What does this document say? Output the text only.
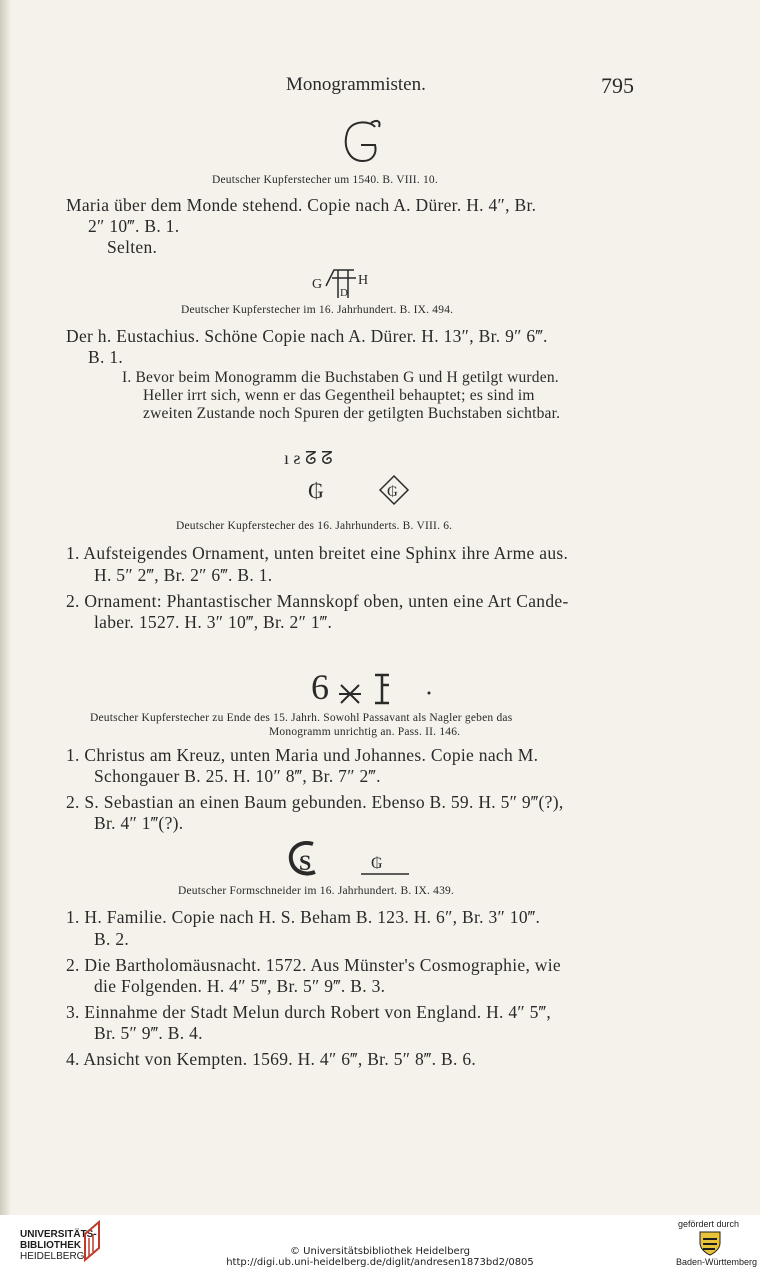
Monogrammisten.	795
Deutscher Kupferstecher um 1540. B. VIII. 10.
Maria über dem Monde stehend. Copie nach A. Dürer. H. 4″, Br.
2″ 10‴. B. 1.
Selten.
G
D
H
Deutscher Kupferstecher im 16. Jahrhundert. B. IX. 494.
Der h. Eustachius. Schöne Copie nach A. Dürer. H. 13″, Br. 9″ 6‴.
B. 1.
I. Bevor beim Monogramm die Buchstaben G und H getilgt wurden.
Heller irrt sich, wenn er das Gegentheil behauptet; es sind im
zweiten Zustande noch Spuren der getilgten Buchstaben sichtbar.
ı ƨ ᘔ ᘔ
₲	₲
Deutscher Kupferstecher des 16. Jahrhunderts. B. VIII. 6.
1. Aufsteigendes Ornament, unten breitet eine Sphinx ihre Arme aus.
H. 5″ 2‴, Br. 2″ 6‴. B. 1.
2. Ornament: Phantastischer Mannskopf oben, unten eine Art Cande-
laber. 1527. H. 3″ 10‴, Br. 2″ 1‴.
6
Deutscher Kupferstecher zu Ende des 15. Jahrh. Sowohl Passavant als Nagler geben das
Monogramm unrichtig an. Pass. II. 146.
1. Christus am Kreuz, unten Maria und Johannes. Copie nach M.
Schongauer B. 25. H. 10″ 8‴, Br. 7″ 2‴.
2. S. Sebastian an einen Baum gebunden. Ebenso B. 59. H. 5″ 9‴(?),
Br. 4″ 1‴(?).
S	₲
Deutscher Formschneider im 16. Jahrhundert. B. IX. 439.
1. H. Familie. Copie nach H. S. Beham B. 123. H. 6″, Br. 3″ 10‴.
B. 2.
2. Die Bartholomäusnacht. 1572. Aus Münster's Cosmographie, wie
die Folgenden. H. 4″ 5‴, Br. 5″ 9‴. B. 3.
3. Einnahme der Stadt Melun durch Robert von England. H. 4″ 5‴,
Br. 5″ 9‴. B. 4.
4. Ansicht von Kempten. 1569. H. 4″ 6‴, Br. 5″ 8‴. B. 6.
UNIVERSITÄTS-
BIBLIOTHEK
HEIDELBERG	© Universitätsbibliothek Heidelberg
http://digi.ub.uni-heidelberg.de/diglit/andresen1873bd2/0805
gefördert durch
Baden-Württemberg
